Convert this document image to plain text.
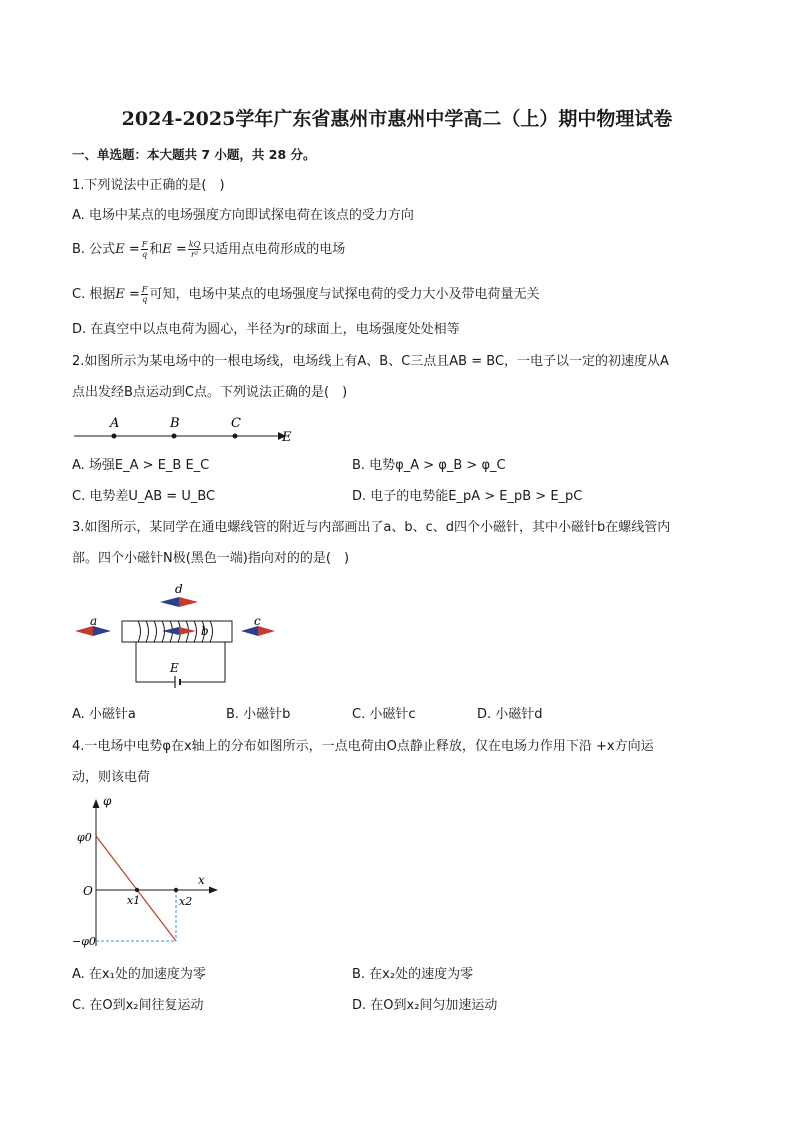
2024-2025学年广东省惠州市惠州中学高二（上）期中物理试卷
一、单选题：本大题共 7 小题，共 28 分。
1.下列说法中正确的是(　)
A. 电场中某点的电场强度方向即试探电荷在该点的受力方向
B. 公式$E = \frac{F}{q}$ 和$E = \frac{kQ}{\text{r²}}$ 只适用点电荷形成的电场
C. 根据$E = \frac{F}{q}$ 可知，电场中某点的电场强度与试探电荷的受力大小及带电荷量无关
D. 在真空中以点电荷为圆心，半径为r的球面上，电场强度处处相等
2.如图所示为某电场中的一根电场线，电场线上有A、B、C三点且AB = BC，一电子以一定的初速度从A
点出发经B点运动到C点。下列说法正确的是(　)
A	B	C
E
A. 场强E_A > E_B E_C	B. 电势φ_A > φ_B > φ_C
C. 电势差U_AB = U_BC	D. 电子的电势能E_pA > E_pB > E_pC
3.如图所示，某同学在通电螺线管的附近与内部画出了a、b、c、d四个小磁针，其中小磁针b在螺线管内
部。四个小磁针N极(黑色一端)指向对的的是(　)
d
a
b
c
E
A. 小磁针a	B. 小磁针b	C. 小磁针c	D. 小磁针d
4.一电场中电势φ在x轴上的分布如图所示，一点电荷由O点静止释放，仅在电场力作用下沿 +x方向运
动，则该电荷
φ
x
O
φ0
−φ0
x1	x2
A. 在x₁处的加速度为零	B. 在x₂处的速度为零
C. 在O到x₂间往复运动	D. 在O到x₂间匀加速运动
